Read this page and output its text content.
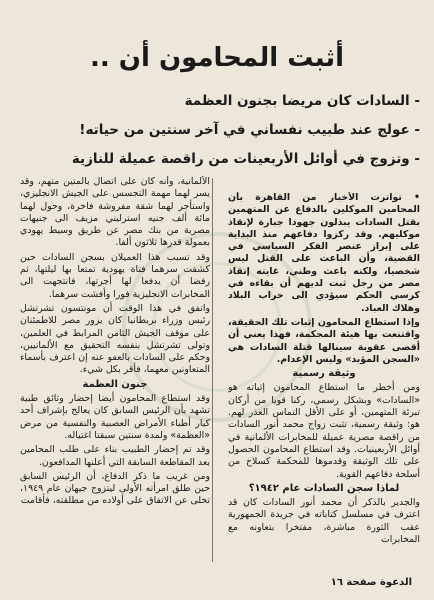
أثبت المحامون أن ..
- السادات كان مريضا بجنون العظمة
- عولج عند طبيب نفساني في آخر سنتين من حياته!
- وتزوج في أوائل الأربعينات من راقصة عميلة للنازية

• تواترت الأخبار من القاهرة بأن المحامين الموكلين بالدفاع عن المتهمين بقتل السادات يبذلون جهودا جبارة لإنقاذ موكليهم. وقد ركزوا دفاعهم منذ البداية على إبراز عنصر الفكر السياسي في القضية، وأن الباعث على القتل ليس شخصيا، ولكنه باعث وطني، غايته إنقاذ مصر من رجل ثبت لديهم أن بقاءه في كرسي الحكم سيؤدي الى خراب البلاد وهلاك العباد.

وإذا استطاع المحامون إثبات تلك الحقيقة، واقتنعت بها هيئة المحكمة، فهذا يعني أن أقصى عقوبة سينالها قتلة السادات هي «السجن المؤبد» وليس الإعدام.

وثيقة رسمية

ومن أخطر ما استطاع المحامون إثباته هو «السادات» وبشكل رسمي، ركنا قويا من أركان تبرئة المتهمين، أو على الأقل التماس العذر لهم. هو: وثيقة رسمية، تثبت زواج محمد أنور السادات من راقصة مصرية عميلة للمخابرات الألمانية في أوائل الأربعينيات. وقد استطاع المحامون الحصول على تلك الوثيقة وقدموها للمحكمة كسلاح من أسلحة دفاعهم القوية.

لماذا سجن السادات عام ١٩٤٢؟

والجدير بالذكر أن محمد أنور السادات كان قد اعترف في مسلسل كتاباته في جريدة الجمهورية عقب الثورة مباشرة، مفتخرا بتعاونه مع المخابرات

الألمانية، وأنه كان على اتصال بالمتين منهم، وقد يسر لهما مهمة التجسس على الجيش الانجليزي، واستأجر لهما شقة مفروشة فاخرة، وحول لهما مائة ألف جنيه استرليني مزيف الى جنيهات مصرية من بنك مصر عن طريق وسيط يهودي بعمولة قدرها ثلاثون ألفا.

وقد تسبب هذا العميلان بسجن السادات حين كشفت سرهما فتاة يهودية تمتعا بها ليلتها، ثم رفضا أن يدفعا لها أجرتها، فانتجهت الى المخابرات الانجليزية فورا وأفشت سرهما.

واتفق في هذا الوقت أن مونتسون تشرتشل رئيس وزراء بريطانيا كان يزور مصر للاطمئنان على موقف الجيش الثامن المرابط في العلمين، وتولى تشرتشل بنفسه التحقيق مع الألمانيين، وحكم على السادات بالعفو عنه إن اعترف بأسماء المتعاونين معهما، فأقر بكل شيء.

جنون العظمة

وقد استطاع المحامون أيضا إحضار وثائق طبية تشهد بأن الرئيس السابق كان يعالج بإشراف أحد كبار أطباء الأمراض العصبية والنفسية من مرض «العظمة» ولمدة سنتين سبقتا اغتياله.

وقد تم إحضار الطبيب بناء على طلب المحامين بعد المقاطعة السابقة التي أعلنها المدافعون.

ومن غريب ما ذكر الدفاع، أن الرئيس السابق حين طلق امرأته الأولى ليتزوج جيهان عام ١٩٤٩، تخلى عن الاتفاق على أولاده من مطلقته، فأقامت

الدعوة صفحة ١٦
